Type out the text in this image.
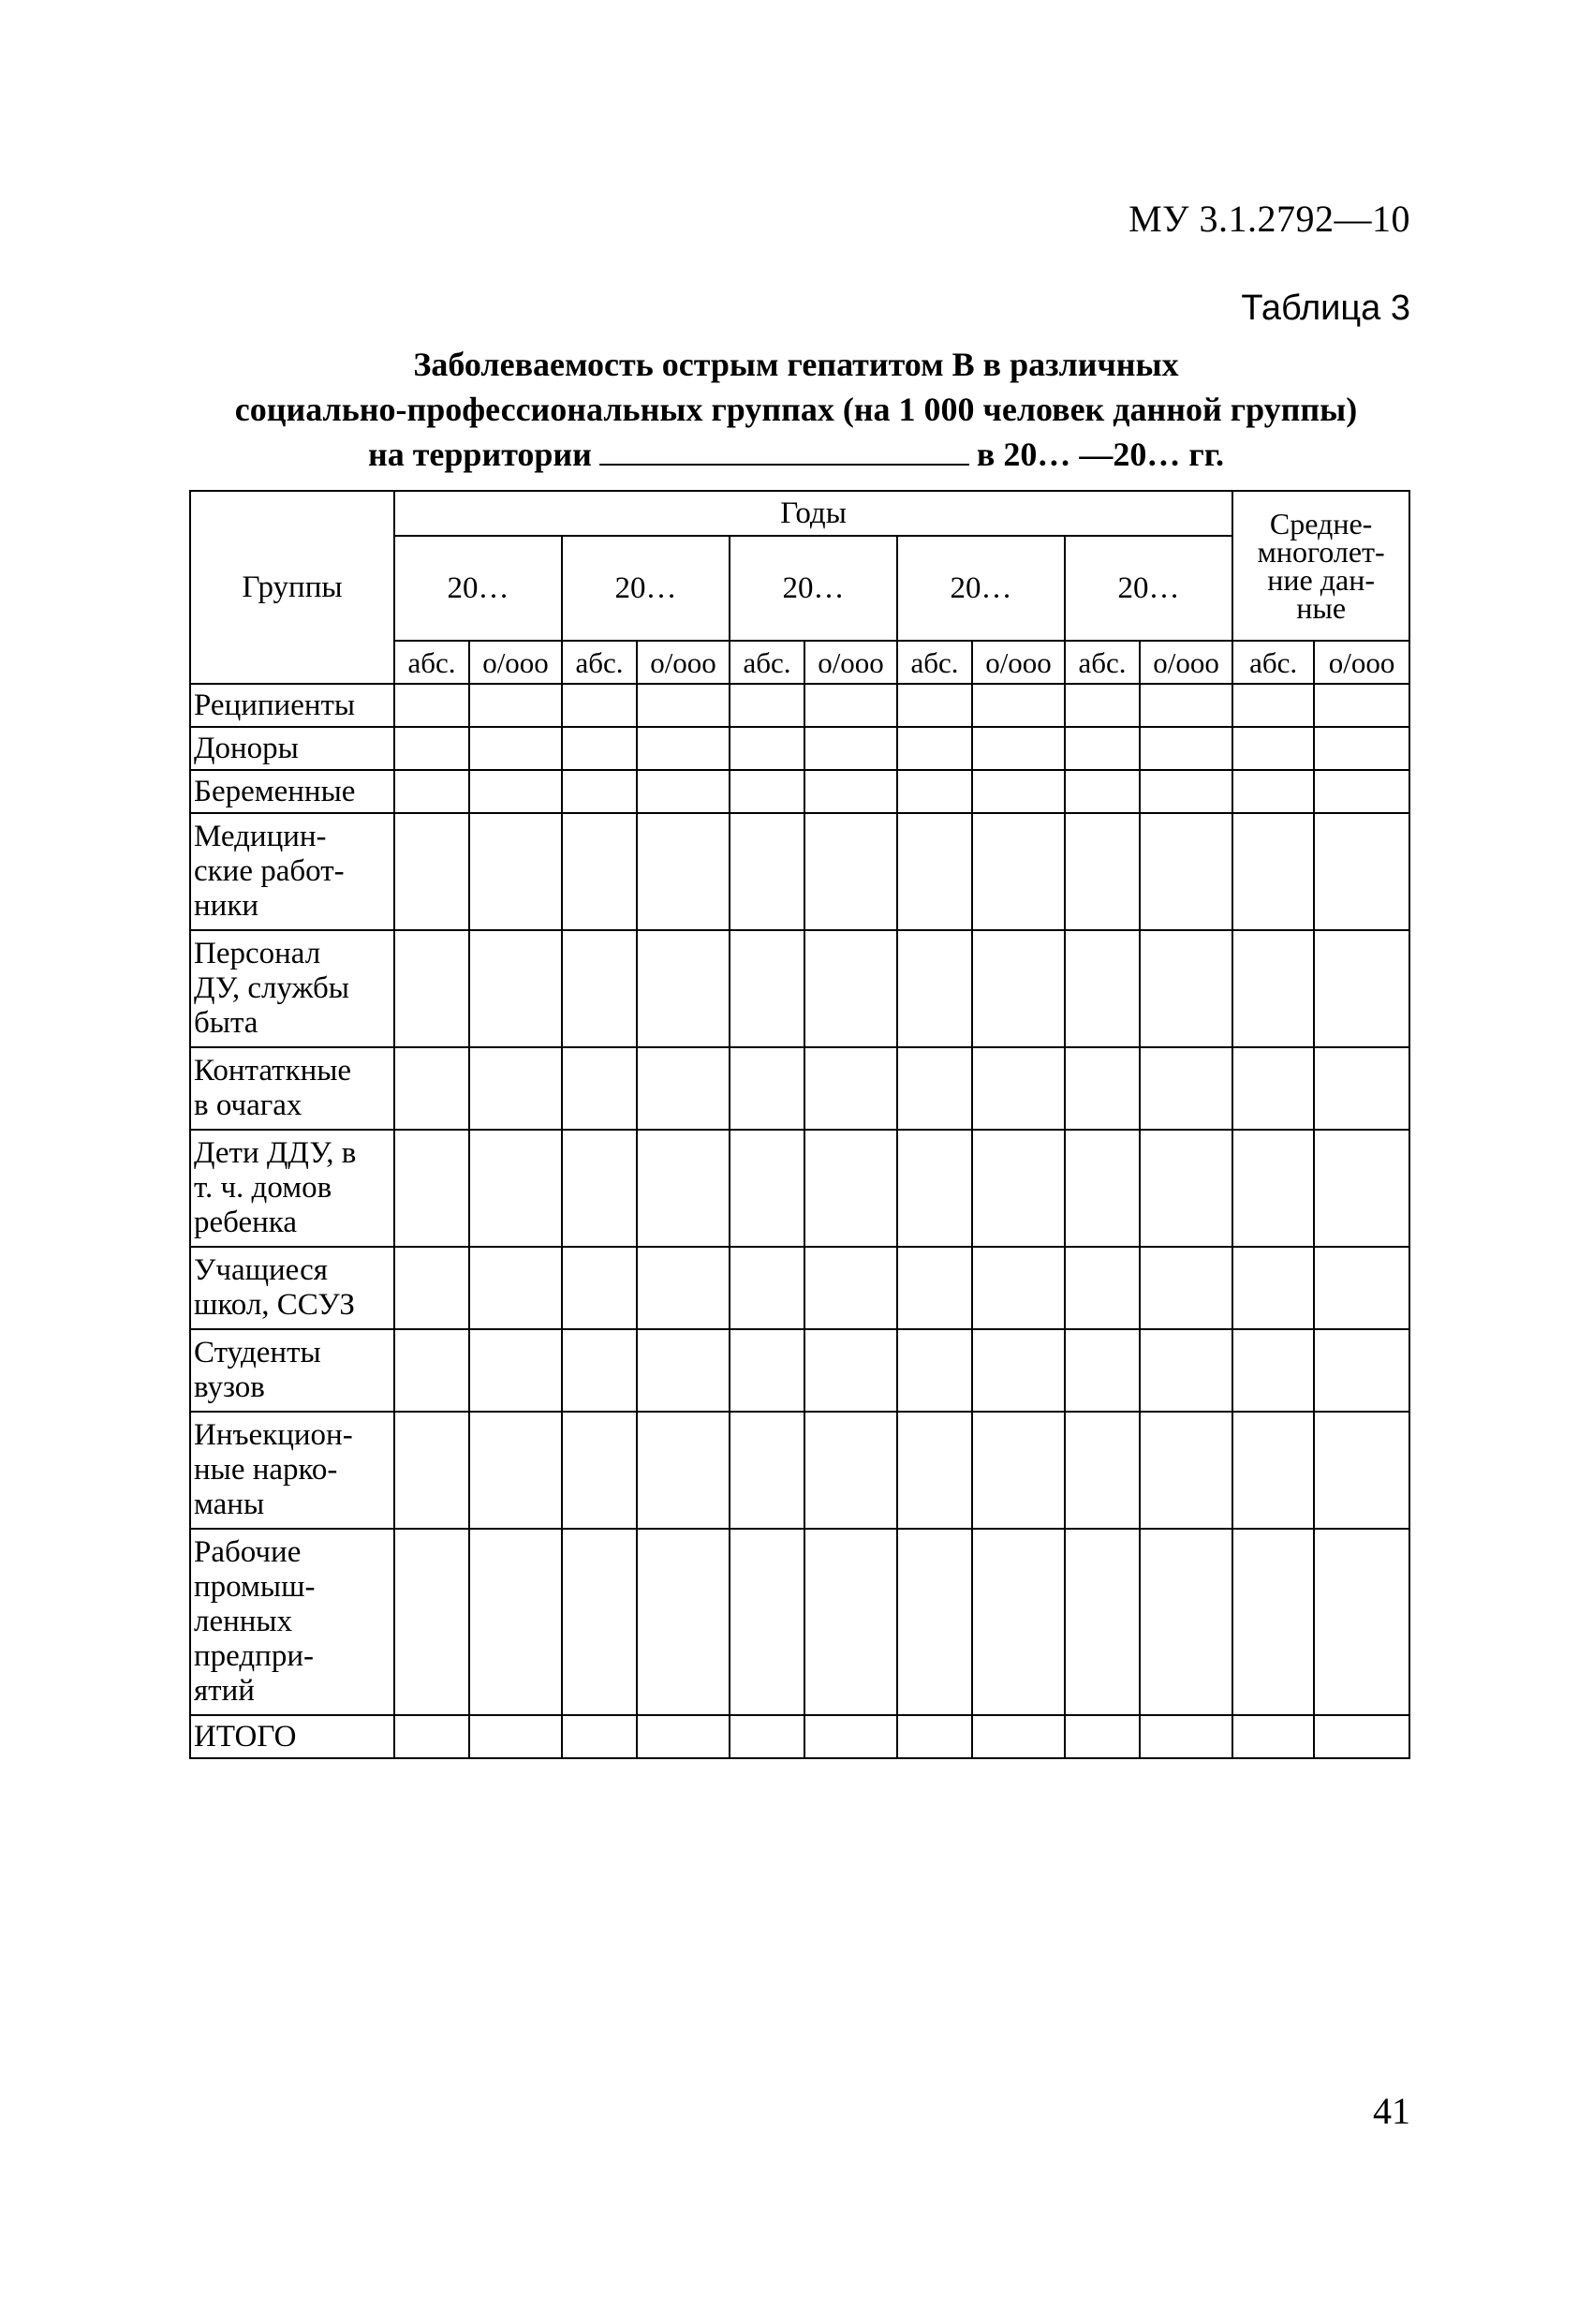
МУ 3.1.2792—10
Таблица 3
Заболеваемость острым гепатитом В в различных
социально-профессиональных группах (на 1 000 человек данной группы)
на территории	в 20… —20… гг.
Группы	Годы										Средне-
многолет-
ние дан-
ные	

	20…		20…		20…		20…		20…			
	абс.	о/ооо	абс.	о/ооо	абс.	о/ооо	абс.	о/ооо	абс.	о/ооо	абс.	о/ооо

Реципиенты												

Доноры												

Беременные												

Медицин-
ские работ-
ники												

Персонал
ДУ, службы
быта												

Контаткные
в очагах												

Дети ДДУ, в
т. ч. домов
ребенка												

Учащиеся
школ, ССУЗ												

Студенты
вузов												

Инъекцион-
ные нарко-
маны												

Рабочие
промыш-
ленных
предпри-
ятий												

ИТОГО												

41
